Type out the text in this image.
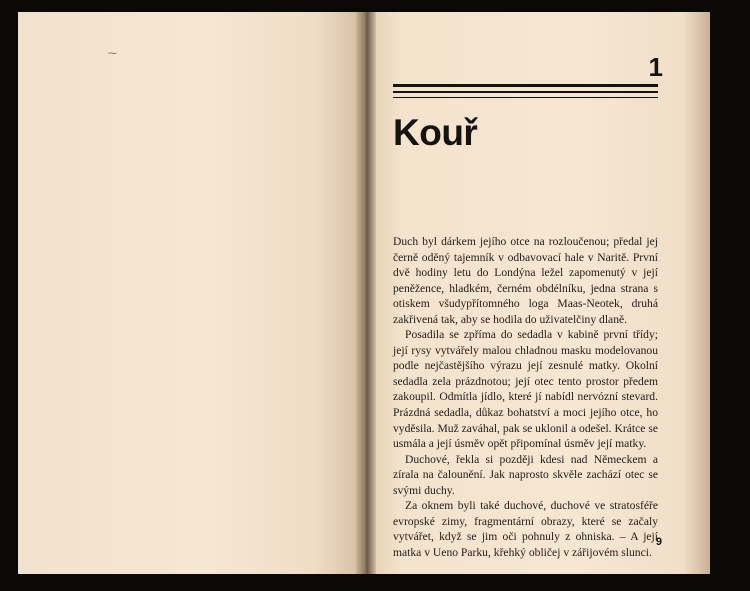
⁓	1
Kouř

Duch byl dárkem jejího otce na rozloučenou; předal jej černě oděný tajemník v odbavovací hale v Naritě. První dvě hodiny letu do Londýna ležel zapomenutý v její peněžence, hladkém, černém obdélníku, jedna strana s otiskem všudypřítomného loga Maas-Neotek, druhá zakřivená tak, aby se hodila do uživatelčiny dlaně.

Posadila se zpříma do sedadla v kabině první třídy; její rysy vytvářely malou chladnou masku modelovanou podle nejčastějšího výrazu její zesnulé matky. Okolní sedadla zela prázdnotou; její otec tento prostor předem zakoupil. Odmítla jídlo, které jí nabídl nervózní stevard. Prázdná sedadla, důkaz bohatství a moci jejího otce, ho vyděsila. Muž zaváhal, pak se uklonil a odešel. Krátce se usmála a její úsměv opět připomínal úsměv její matky.

Duchové, řekla si později kdesi nad Německem a zírala na čalounění. Jak naprosto skvěle zachází otec se svými duchy.

Za oknem byli také duchové, duchové ve stratosféře evropské zimy, fragmentární obrazy, které se začaly vytvářet, když se jim oči pohnuly z ohniska. – A její matka v Ueno Parku, křehký obličej v zářijovém slunci.

9
